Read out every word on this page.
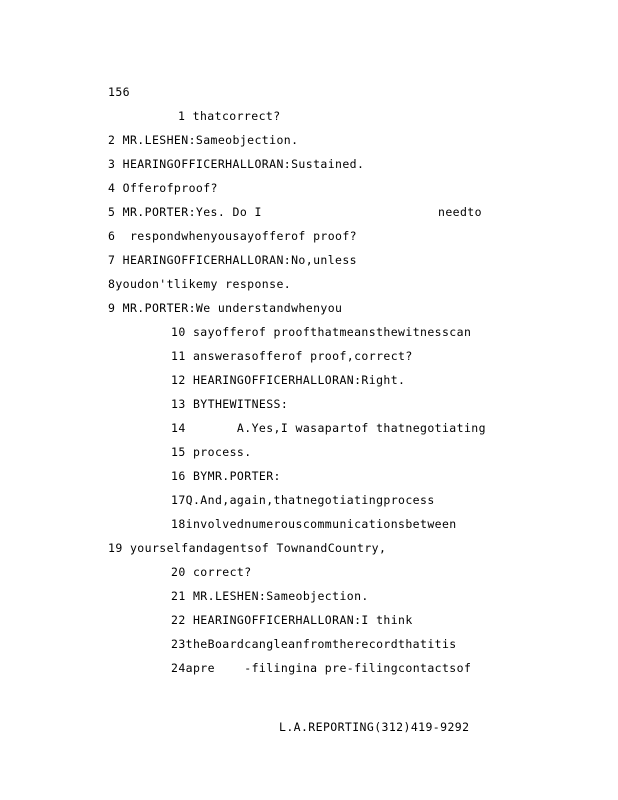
156
1 thatcorrect?
2 MR.LESHEN:Sameobjection.
3 HEARINGOFFICERHALLORAN:Sustained.
4 Offerofproof?
5 MR.PORTER:Yes. Do I	needto
6  respondwhenyousayofferof proof?
7 HEARINGOFFICERHALLORAN:No,unless
8youdon'tlikemy response.
9 MR.PORTER:We understandwhenyou
10 sayofferof proofthatmeansthewitnesscan
11 answerasofferof proof,correct?
12 HEARINGOFFICERHALLORAN:Right.
13 BYTHEWITNESS:
14	A.Yes,I wasapartof thatnegotiating
15 process.
16 BYMR.PORTER:
17Q.And,again,thatnegotiatingprocess
18involvednumerouscommunicationsbetween
19 yourselfandagentsof TownandCountry,
20 correct?
21 MR.LESHEN:Sameobjection.
22 HEARINGOFFICERHALLORAN:I think
23theBoardcangleanfromtherecordthatitis
24apre	-filingina pre-filingcontactsof
L.A.REPORTING(312)419-9292
